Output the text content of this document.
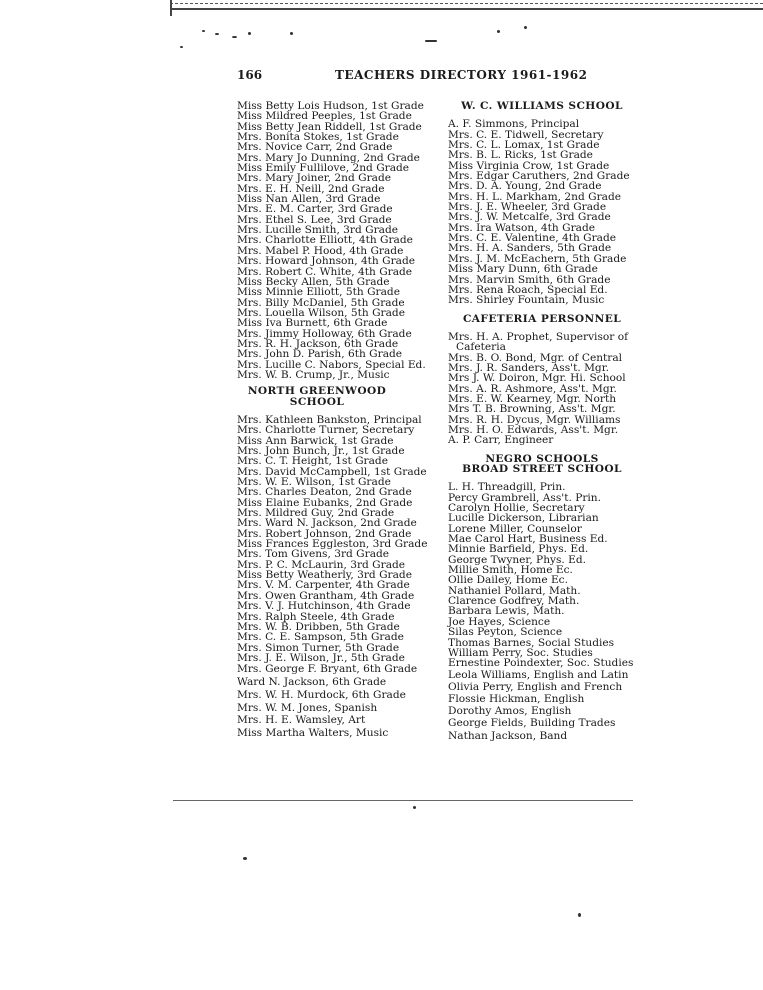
166	TEACHERS DIRECTORY 1961-1962
Miss Betty Lois Hudson, 1st Grade
Miss Mildred Peeples, 1st Grade
Miss Betty Jean Riddell, 1st Grade
Mrs. Bonita Stokes, 1st Grade
Mrs. Novice Carr, 2nd Grade
Mrs. Mary Jo Dunning, 2nd Grade
Miss Emily Fullilove, 2nd Grade
Mrs. Mary Joiner, 2nd Grade
Mrs. E. H. Neill, 2nd Grade
Miss Nan Allen, 3rd Grade
Mrs. E. M. Carter, 3rd Grade
Mrs. Ethel S. Lee, 3rd Grade
Mrs. Lucille Smith, 3rd Grade
Mrs. Charlotte Elliott, 4th Grade
Mrs. Mabel P. Hood, 4th Grade
Mrs. Howard Johnson, 4th Grade
Mrs. Robert C. White, 4th Grade
Miss Becky Allen, 5th Grade
Miss Minnie Elliott, 5th Grade
Mrs. Billy McDaniel, 5th Grade
Mrs. Louella Wilson, 5th Grade
Miss Iva Burnett, 6th Grade
Mrs. Jimmy Holloway, 6th Grade
Mrs. R. H. Jackson, 6th Grade
Mrs. John D. Parish, 6th Grade
Mrs. Lucille C. Nabors, Special Ed.
Mrs. W. B. Crump, Jr., Music
NORTH GREENWOOD
SCHOOL
Mrs. Kathleen Bankston, Principal
Mrs. Charlotte Turner, Secretary
Miss Ann Barwick, 1st Grade
Mrs. John Bunch, Jr., 1st Grade
Mrs. C. T. Height, 1st Grade
Mrs. David McCampbell, 1st Grade
Mrs. W. E. Wilson, 1st Grade
Mrs. Charles Deaton, 2nd Grade
Miss Elaine Eubanks, 2nd Grade
Mrs. Mildred Guy, 2nd Grade
Mrs. Ward N. Jackson, 2nd Grade
Mrs. Robert Johnson, 2nd Grade
Miss Frances Eggleston, 3rd Grade
Mrs. Tom Givens, 3rd Grade
Mrs. P. C. McLaurin, 3rd Grade
Miss Betty Weatherly, 3rd Grade
Mrs. V. M. Carpenter, 4th Grade
Mrs. Owen Grantham, 4th Grade
Mrs. V. J. Hutchinson, 4th Grade
Mrs. Ralph Steele, 4th Grade
Mrs. W. B. Dribben, 5th Grade
Mrs. C. E. Sampson, 5th Grade
Mrs. Simon Turner, 5th Grade
Mrs. J. E. Wilson, Jr., 5th Grade
Mrs. George F. Bryant, 6th Grade
Ward N. Jackson, 6th Grade
Mrs. W. H. Murdock, 6th Grade
Mrs. W. M. Jones, Spanish
Mrs. H. E. Wamsley, Art
Miss Martha Walters, Music
W. C. WILLIAMS SCHOOL
A. F. Simmons, Principal
Mrs. C. E. Tidwell, Secretary
Mrs. C. L. Lomax, 1st Grade
Mrs. B. L. Ricks, 1st Grade
Miss Virginia Crow, 1st Grade
Mrs. Edgar Caruthers, 2nd Grade
Mrs. D. A. Young, 2nd Grade
Mrs. H. L. Markham, 2nd Grade
Mrs. J. E. Wheeler, 3rd Grade
Mrs. J. W. Metcalfe, 3rd Grade
Mrs. Ira Watson, 4th Grade
Mrs. C. E. Valentine, 4th Grade
Mrs. H. A. Sanders, 5th Grade
Mrs. J. M. McEachern, 5th Grade
Miss Mary Dunn, 6th Grade
Mrs. Marvin Smith, 6th Grade
Mrs. Rena Roach, Special Ed.
Mrs. Shirley Fountain, Music
CAFETERIA PERSONNEL
Mrs. H. A. Prophet, Supervisor of
Cafeteria
Mrs. B. O. Bond, Mgr. of Central
Mrs. J. R. Sanders, Ass't. Mgr.
Mrs J. W. Doiron, Mgr. Hi. School
Mrs. A. R. Ashmore, Ass't. Mgr.
Mrs. E. W. Kearney, Mgr. North
Mrs T. B. Browning, Ass't. Mgr.
Mrs. R. H. Dycus, Mgr. Williams
Mrs. H. O. Edwards, Ass't. Mgr.
A. P. Carr, Engineer
NEGRO SCHOOLS
BROAD STREET SCHOOL
L. H. Threadgill, Prin.
Percy Grambrell, Ass't. Prin.
Carolyn Hollie, Secretary
Lucille Dickerson, Librarian
Lorene Miller, Counselor
Mae Carol Hart, Business Ed.
Minnie Barfield, Phys. Ed.
George Twyner, Phys. Ed.
Millie Smith, Home Ec.
Ollie Dailey, Home Ec.
Nathaniel Pollard, Math.
Clarence Godfrey, Math.
Barbara Lewis, Math.
Joe Hayes, Science
Silas Peyton, Science
Thomas Barnes, Social Studies
William Perry, Soc. Studies
Ernestine Poindexter, Soc. Studies
Leola Williams, English and Latin
Olivia Perry, English and French
Flossie Hickman, English
Dorothy Amos, English
George Fields, Building Trades
Nathan Jackson, Band
